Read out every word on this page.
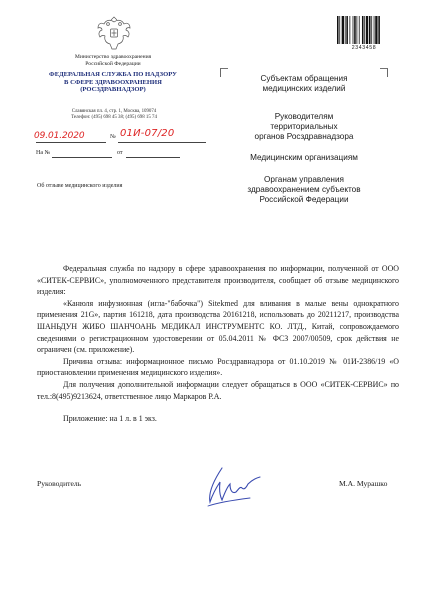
Министерство здравоохранения
Российской Федерации
ФЕДЕРАЛЬНАЯ СЛУЖБА ПО НАДЗОРУ
В СФЕРЕ ЗДРАВООХРАНЕНИЯ
(РОСЗДРАВНАДЗОР)
Славянская пл. 4, стр. 1, Москва, 109074
Телефон: (495) 698 45 38; (495) 698 15 74
2343458
09.01.2020	№ 01И-07/20
На №	от
Об отзыве медицинского изделия
Субъектам обращения
медицинских изделий
Руководителям
территориальных
органов Росздравнадзора
Медицинским организациям
Органам управления
здравоохранением субъектов
Российской Федерации

Федеральная служба по надзору в сфере здравоохранения по информации, полученной от ООО «СИТЕК-СЕРВИС», уполномоченного представителя производителя, сообщает об отзыве медицинского изделия:

«Канюля инфузионная (игла-"бабочка") Sitekmed для вливания в малые вены однократного применения 21G», партия 161218, дата производства 20161218, использовать до 20211217, производства ШАНЬДУН ЖИБО ШАНЧОАНЬ МЕДИКАЛ ИНСТРУМЕНТС КО. ЛТД., Китай, сопровождаемого сведениями о регистрационном удостоверении от 05.04.2011 № ФСЗ 2007/00509, срок действия не ограничен (см. приложение).

Причина отзыва: информационное письмо Росздравнадзора от 01.10.2019 № 01И-2386/19 «О приостановлении применения медицинского изделия».

Для получения дополнительной информации следует обращаться в ООО «СИТЕК-СЕРВИС» по тел.:8(495)9213624, ответственное лицо Маркаров Р.А.

Приложение: на 1 л. в 1 экз.

Руководитель	М.А. Мурашко
